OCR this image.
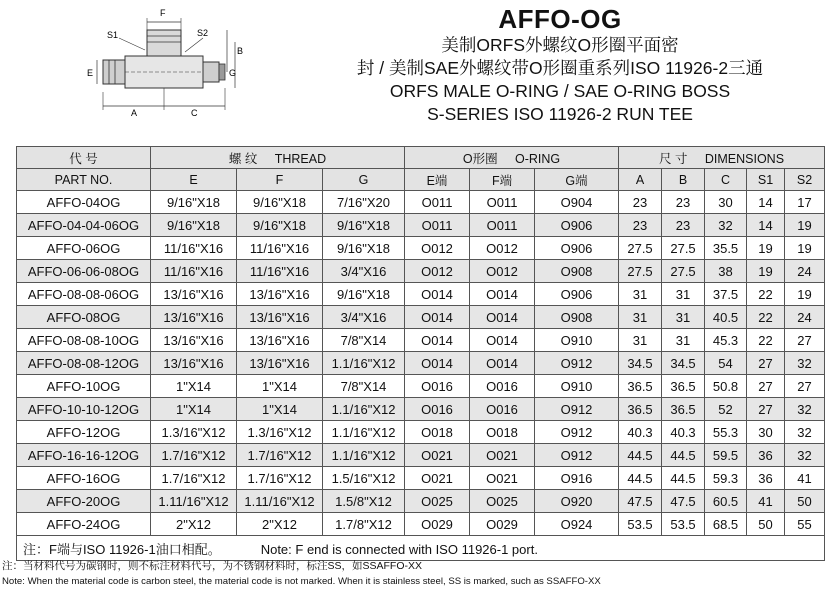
F
S1	S2
B
E	G
A	C
AFFO-OG
美制ORFS外螺纹O形圈平面密
封 / 美制SAE外螺纹带O形圈重系列ISO 11926-2三通
ORFS MALE O-RING / SAE O-RING BOSS
S-SERIES ISO 11926-2 RUN TEE
代 号	螺 纹 THREAD			O形圈 O-RING			尺 寸 DIMENSIONS				
PART NO.	E	F	G	E端	F端	G端	A	B	C	S1	S2
AFFO-04OG	9/16"X18	9/16"X18	7/16"X20	O011	O011	O904	23	23	30	14	17
AFFO-04-04-06OG	9/16"X18	9/16"X18	9/16"X18	O011	O011	O906	23	23	32	14	19
AFFO-06OG	11/16"X16	11/16"X16	9/16"X18	O012	O012	O906	27.5	27.5	35.5	19	19
AFFO-06-06-08OG	11/16"X16	11/16"X16	3/4"X16	O012	O012	O908	27.5	27.5	38	19	24
AFFO-08-08-06OG	13/16"X16	13/16"X16	9/16"X18	O014	O014	O906	31	31	37.5	22	19
AFFO-08OG	13/16"X16	13/16"X16	3/4"X16	O014	O014	O908	31	31	40.5	22	24
AFFO-08-08-10OG	13/16"X16	13/16"X16	7/8"X14	O014	O014	O910	31	31	45.3	22	27
AFFO-08-08-12OG	13/16"X16	13/16"X16	1.1/16"X12	O014	O014	O912	34.5	34.5	54	27	32
AFFO-10OG	1"X14	1"X14	7/8"X14	O016	O016	O910	36.5	36.5	50.8	27	27
AFFO-10-10-12OG	1"X14	1"X14	1.1/16"X12	O016	O016	O912	36.5	36.5	52	27	32
AFFO-12OG	1.3/16"X12	1.3/16"X12	1.1/16"X12	O018	O018	O912	40.3	40.3	55.3	30	32
AFFO-16-16-12OG	1.7/16"X12	1.7/16"X12	1.1/16"X12	O021	O021	O912	44.5	44.5	59.5	36	32
AFFO-16OG	1.7/16"X12	1.7/16"X12	1.5/16"X12	O021	O021	O916	44.5	44.5	59.3	36	41
AFFO-20OG	1.11/16"X12	1.11/16"X12	1.5/8"X12	O025	O025	O920	47.5	47.5	60.5	41	50
AFFO-24OG	2"X12	2"X12	1.7/8"X12	O029	O029	O924	53.5	53.5	68.5	50	55
注：F端与ISO 11926-1油口相配。 Note: F end is connected with ISO 11926-1 port.											
注：当材料代号为碳钢时，则不标注材料代号，为不锈钢材料时，标注SS，如SSAFFO-XX
Note: When the material code is carbon steel, the material code is not marked. When it is stainless steel, SS is marked, such as SSAFFO-XX
